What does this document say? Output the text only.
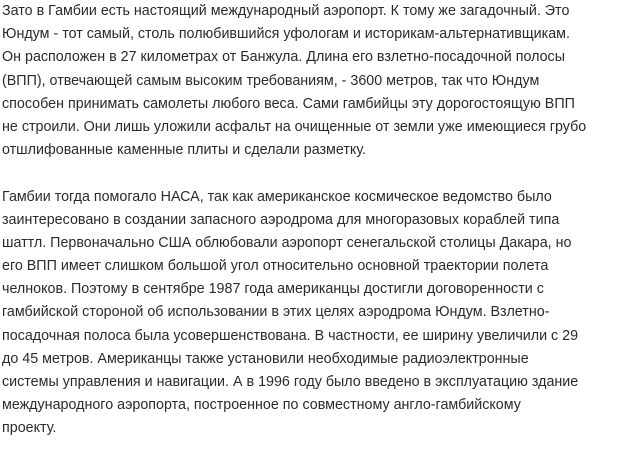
Зато в Гамбии есть настоящий международный аэропорт. К тому же загадочный. Это
Юндум - тот самый, столь полюбившийся уфологам и историкам-альтернативщикам.
Он расположен в 27 километрах от Банжула. Длина его взлетно-посадочной полосы
(ВПП), отвечающей самым высоким требованиям, - 3600 метров, так что Юндум
способен принимать самолеты любого веса. Сами гамбийцы эту дорогостоящую ВПП
не строили. Они лишь уложили асфальт на очищенные от земли уже имеющиеся грубо
отшлифованные каменные плиты и сделали разметку.
Гамбии тогда помогало НАСА, так как американское космическое ведомство было
заинтересовано в создании запасного аэродрома для многоразовых кораблей типа
шаттл. Первоначально США облюбовали аэропорт сенегальской столицы Дакара, но
его ВПП имеет слишком большой угол относительно основной траектории полета
челноков. Поэтому в сентябре 1987 года американцы достигли договоренности с
гамбийской стороной об использовании в этих целях аэродрома Юндум. Взлетно-
посадочная полоса была усовершенствована. В частности, ее ширину увеличили с 29
до 45 метров. Американцы также установили необходимые радиоэлектронные
системы управления и навигации. А в 1996 году было введено в эксплуатацию здание
международного аэропорта, построенное по совместному англо-гамбийскому
проекту.
